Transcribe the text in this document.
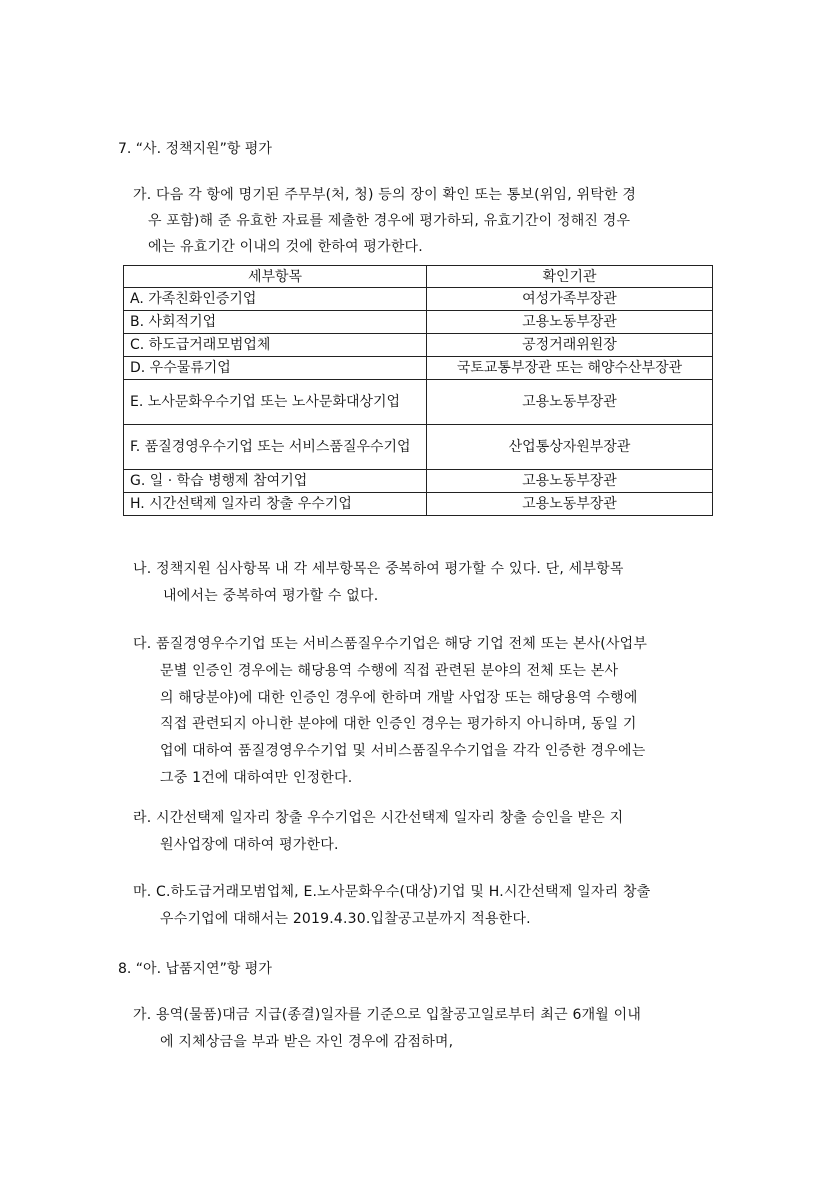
7. “사. 정책지원”항 평가
가. 다음 각 항에 명기된 주무부(처, 청) 등의 장이 확인 또는 통보(위임, 위탁한 경
우 포함)해 준 유효한 자료를 제출한 경우에 평가하되, 유효기간이 정해진 경우
에는 유효기간 이내의 것에 한하여 평가한다.
세부항목	확인기관
A. 가족친화인증기업	여성가족부장관
B. 사회적기업	고용노동부장관
C. 하도급거래모범업체	공정거래위원장
D. 우수물류기업	국토교통부장관 또는 해양수산부장관
E. 노사문화우수기업 또는 노사문화대상기업	고용노동부장관
F. 품질경영우수기업 또는 서비스품질우수기업	산업통상자원부장관
G. 일 · 학습 병행제 참여기업	고용노동부장관
H. 시간선택제 일자리 창출 우수기업	고용노동부장관
나. 정책지원 심사항목 내 각 세부항목은 중복하여 평가할 수 있다. 단, 세부항목
내에서는 중복하여 평가할 수 없다.
다. 품질경영우수기업 또는 서비스품질우수기업은 해당 기업 전체 또는 본사(사업부
문별 인증인 경우에는 해당용역 수행에 직접 관련된 분야의 전체 또는 본사
의 해당분야)에 대한 인증인 경우에 한하며 개발 사업장 또는 해당용역 수행에
직접 관련되지 아니한 분야에 대한 인증인 경우는 평가하지 아니하며, 동일 기
업에 대하여 품질경영우수기업 및 서비스품질우수기업을 각각 인증한 경우에는
그중 1건에 대하여만 인정한다.
라. 시간선택제 일자리 창출 우수기업은 시간선택제 일자리 창출 승인을 받은 지
원사업장에 대하여 평가한다.
마. C.하도급거래모범업체, E.노사문화우수(대상)기업 및 H.시간선택제 일자리 창출
우수기업에 대해서는 2019.4.30.입찰공고분까지 적용한다.
8. “아. 납품지연”항 평가
가. 용역(물품)대금 지급(종결)일자를 기준으로 입찰공고일로부터 최근 6개월 이내
에 지체상금을 부과 받은 자인 경우에 감점하며,
